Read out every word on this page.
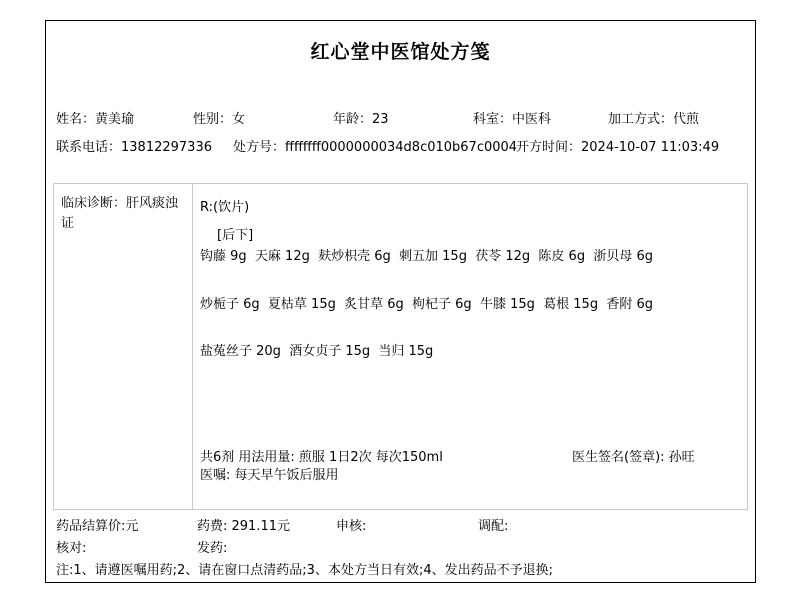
红心堂中医馆处方笺
姓名：黄美瑜	性别：女	年龄：23	科室：中医科	加工方式：代煎
联系电话：13812297336 处方号：ffffffff0000000034d8c010b67c0004
开方时间：2024-10-07 11:03:49
临床诊断：肝风痰浊证
R:(饮片)
[后下]
钩藤 9g  天麻 12g  麸炒枳壳 6g  刺五加 15g  茯苓 12g  陈皮 6g  浙贝母 6g
炒栀子 6g  夏枯草 15g  炙甘草 6g  枸杞子 6g  牛膝 15g  葛根 15g  香附 6g
盐菟丝子 20g  酒女贞子 15g  当归 15g
共6剂 用法用量: 煎服 1日2次 每次150ml	医生签名(签章): 孙旺
医嘱: 每天早午饭后服用
药品结算价:元	药费: 291.11元	申核:	调配:
核对:	发药:
注:1、请遵医嘱用药;2、请在窗口点清药品;3、本处方当日有效;4、发出药品不予退换;
